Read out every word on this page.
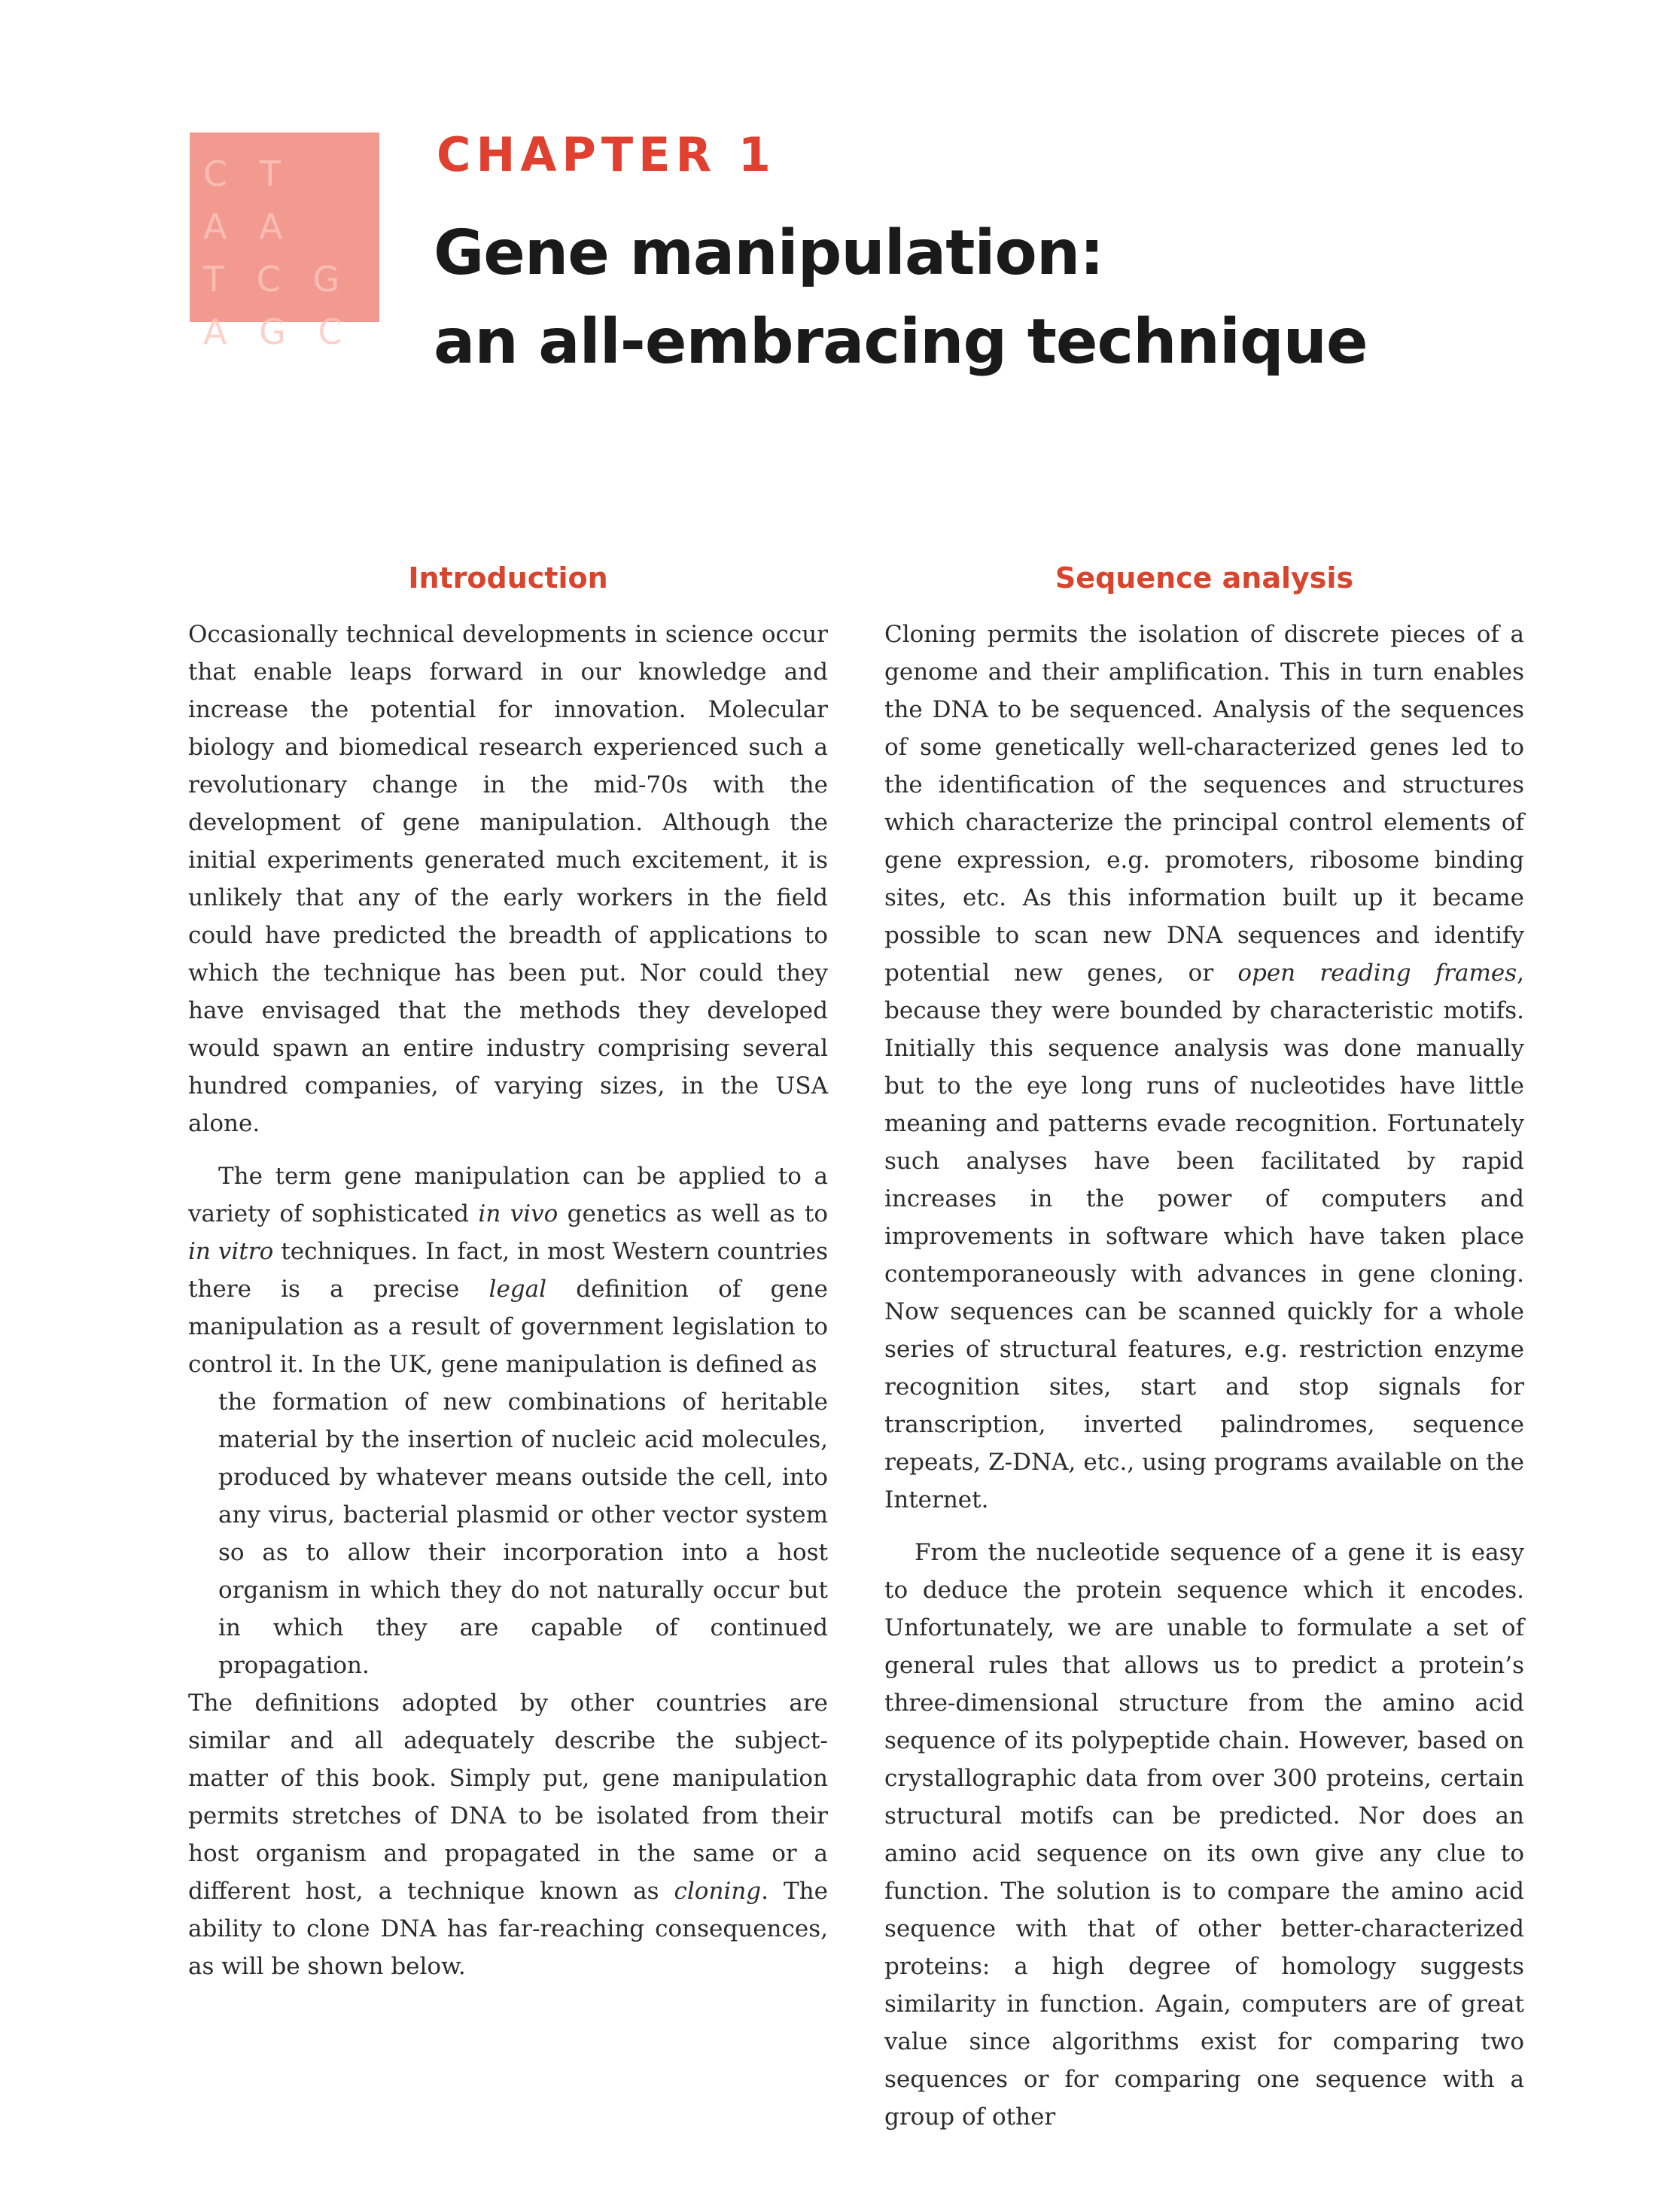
C T
A A
T C G
A G C
CHAPTER 1
Gene manipulation:
an all-embracing technique
Introduction

Occasionally technical developments in science occur that enable leaps forward in our knowledge and increase the potential for innovation. Molecular biology and biomedical research experienced such a revolutionary change in the mid-70s with the development of gene manipulation. Although the initial experiments generated much excitement, it is unlikely that any of the early workers in the field could have predicted the breadth of applications to which the technique has been put. Nor could they have envisaged that the methods they developed would spawn an entire industry comprising several hundred companies, of varying sizes, in the USA alone.

The term gene manipulation can be applied to a variety of sophisticated in vivo genetics as well as to in vitro techniques. In fact, in most Western countries there is a precise legal definition of gene manipulation as a result of government legislation to control it. In the UK, gene manipulation is defined as

the formation of new combinations of heritable material by the insertion of nucleic acid molecules, produced by whatever means outside the cell, into any virus, bacterial plasmid or other vector system so as to allow their incorporation into a host organism in which they do not naturally occur but in which they are capable of continued propagation.

The definitions adopted by other countries are similar and all adequately describe the subject-matter of this book. Simply put, gene manipulation permits stretches of DNA to be isolated from their host organism and propagated in the same or a different host, a technique known as cloning. The ability to clone DNA has far-reaching consequences, as will be shown below.

Sequence analysis

Cloning permits the isolation of discrete pieces of a genome and their amplification. This in turn enables the DNA to be sequenced. Analysis of the sequences of some genetically well-characterized genes led to the identification of the sequences and structures which characterize the principal control elements of gene expression, e.g. promoters, ribosome binding sites, etc. As this information built up it became possible to scan new DNA sequences and identify potential new genes, or open reading frames, because they were bounded by characteristic motifs. Initially this sequence analysis was done manually but to the eye long runs of nucleotides have little meaning and patterns evade recognition. Fortunately such analyses have been facilitated by rapid increases in the power of computers and improvements in software which have taken place contemporaneously with advances in gene cloning. Now sequences can be scanned quickly for a whole series of structural features, e.g. restriction enzyme recognition sites, start and stop signals for transcription, inverted palindromes, sequence repeats, Z-DNA, etc., using programs available on the Internet.

From the nucleotide sequence of a gene it is easy to deduce the protein sequence which it encodes. Unfortunately, we are unable to formulate a set of general rules that allows us to predict a protein’s three-dimensional structure from the amino acid sequence of its polypeptide chain. However, based on crystallographic data from over 300 proteins, certain structural motifs can be predicted. Nor does an amino acid sequence on its own give any clue to function. The solution is to compare the amino acid sequence with that of other better-characterized proteins: a high degree of homology suggests similarity in function. Again, computers are of great value since algorithms exist for comparing two sequences or for comparing one sequence with a group of other
